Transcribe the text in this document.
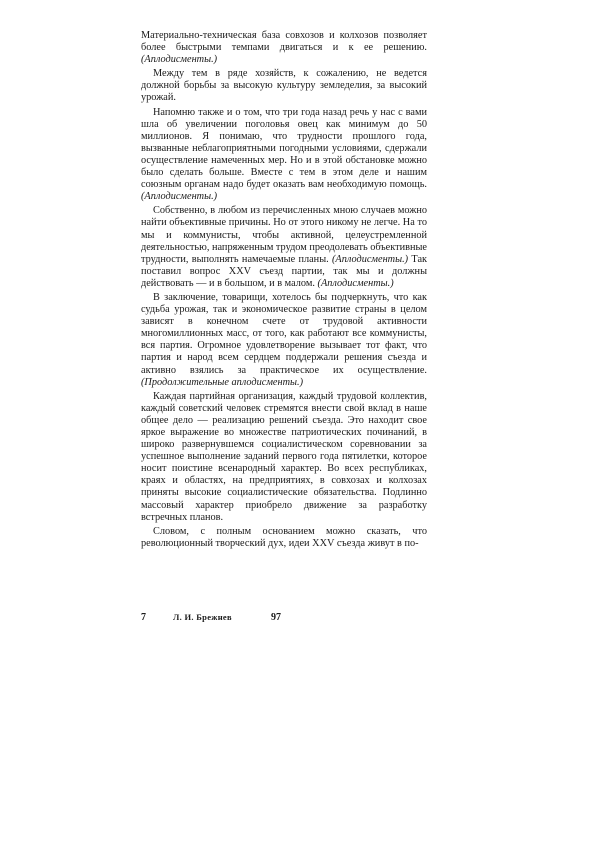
Материально-техническая база совхозов и колхозов позволяет более быстрыми темпами двигаться и к ее решению. (Аплодисменты.)

Между тем в ряде хозяйств, к сожалению, не ведется должной борьбы за высокую культуру земледелия, за высокий урожай.

Напомню также и о том, что три года назад речь у нас с вами шла об увеличении поголовья овец как минимум до 50 миллионов. Я понимаю, что трудности прошлого года, вызванные неблагоприятными погодными условиями, сдержали осуществление намеченных мер. Но и в этой обстановке можно было сделать больше. Вместе с тем в этом деле и нашим союзным органам надо будет оказать вам необходимую помощь. (Аплодисменты.)

Собственно, в любом из перечисленных мною случаев можно найти объективные причины. Но от этого никому не легче. На то мы и коммунисты, чтобы активной, целеустремленной деятельностью, напряженным трудом преодолевать объективные трудности, выполнять намечаемые планы. (Аплодисменты.) Так поставил вопрос XXV съезд партии, так мы и должны действовать — и в большом, и в малом. (Аплодисменты.)

В заключение, товарищи, хотелось бы подчеркнуть, что как судьба урожая, так и экономическое развитие страны в целом зависят в конечном счете от трудовой активности многомиллионных масс, от того, как работают все коммунисты, вся партия. Огромное удовлетворение вызывает тот факт, что партия и народ всем сердцем поддержали решения съезда и активно взялись за практическое их осуществление. (Продолжительные аплодисменты.)

Каждая партийная организация, каждый трудовой коллектив, каждый советский человек стремятся внести свой вклад в наше общее дело — реализацию решений съезда. Это находит свое яркое выражение во множестве патриотических починаний, в широко развернувшемся социалистическом соревновании за успешное выполнение заданий первого года пятилетки, которое носит поистине всенародный характер. Во всех республиках, краях и областях, на предприятиях, в совхозах и колхозах приняты высокие социалистические обязательства. Подлинно массовый характер приобрело движение за разработку встречных планов.

Словом, с полным основанием можно сказать, что революционный творческий дух, идеи XXV съезда живут в по-

7	Л. И. Брежнев	97
